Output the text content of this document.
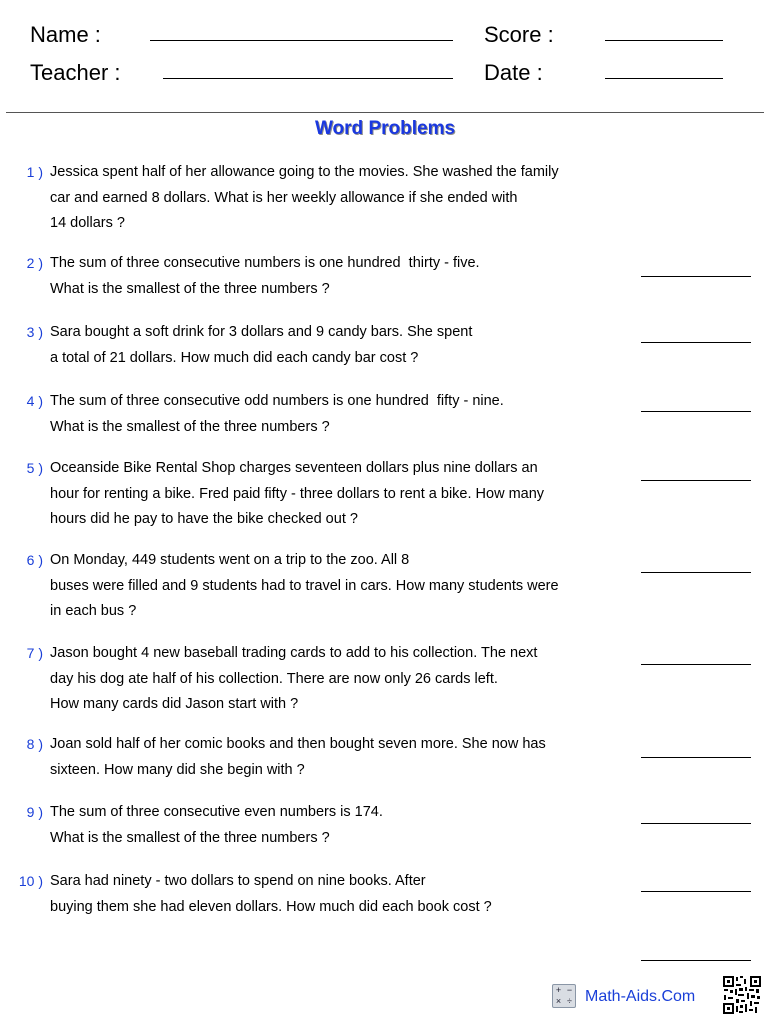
Name :
Teacher :
Score :
Date :
Word Problems
1 ) Jessica spent half of her allowance going to the movies. She washed the family
car and earned 8 dollars. What is her weekly allowance if she ended with
14 dollars ?
2 ) The sum of three consecutive numbers is one hundred  thirty - five.
What is the smallest of the three numbers ?
3 ) Sara bought a soft drink for 3 dollars and 9 candy bars. She spent
a total of 21 dollars. How much did each candy bar cost ?
4 ) The sum of three consecutive odd numbers is one hundred  fifty - nine.
What is the smallest of the three numbers ?
5 ) Oceanside Bike Rental Shop charges seventeen dollars plus nine dollars an
hour for renting a bike. Fred paid fifty - three dollars to rent a bike. How many
hours did he pay to have the bike checked out ?
6 ) On Monday, 449 students went on a trip to the zoo. All 8
buses were filled and 9 students had to travel in cars. How many students were
in each bus ?
7 ) Jason bought 4 new baseball trading cards to add to his collection. The next
day his dog ate half of his collection. There are now only 26 cards left.
How many cards did Jason start with ?
8 ) Joan sold half of her comic books and then bought seven more. She now has
sixteen. How many did she begin with ?
9 ) The sum of three consecutive even numbers is 174.
What is the smallest of the three numbers ?
10 ) Sara had ninety - two dollars to spend on nine books. After
buying them she had eleven dollars. How much did each book cost ?
+ −
× ÷ Math-Aids.Com
